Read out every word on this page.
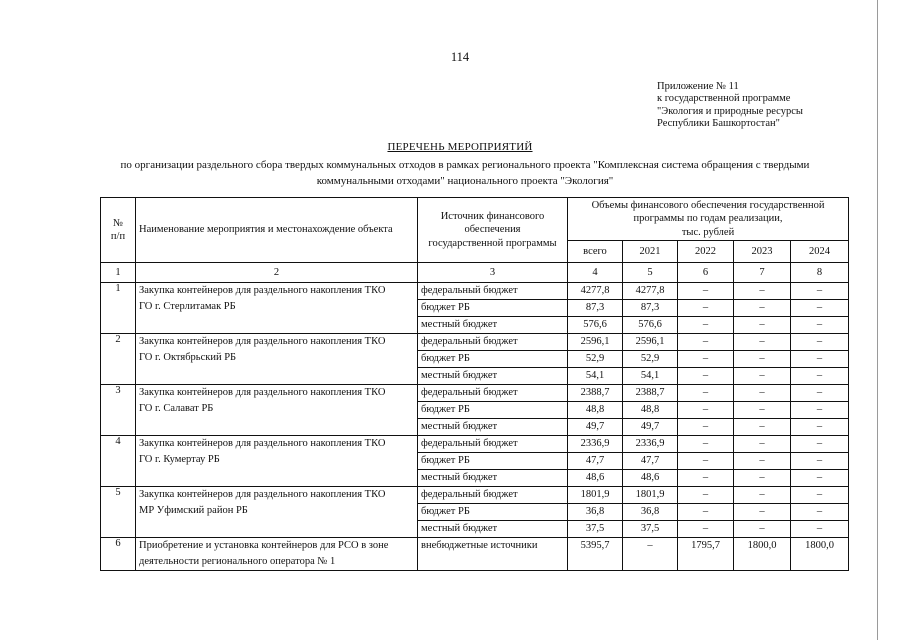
114
Приложение № 11
к государственной программе
"Экология и природные ресурсы
Республики Башкортостан"
ПЕРЕЧЕНЬ МЕРОПРИЯТИЙ
по организации раздельного сбора твердых коммунальных отходов в рамках регионального проекта "Комплексная система обращения с твердыми
коммунальными отходами" национального проекта "Экология"
№
п/п	Наименование мероприятия и местонахождение объекта	Источник финансового
обеспечения
государственной программы	Объемы финансового обеспечения государственной
программы по годам реализации,
тыс. рублей				
			всего	2021	2022	2023	2024
1	2	3	4	5	6	7	8
1	Закупка контейнеров для раздельного накопления ТКО
ГО г. Стерлитамак РБ	федеральный бюджет	4277,8	4277,8	–	–	–
		бюджет РБ	87,3	87,3	–	–	–
		местный бюджет	576,6	576,6	–	–	–
2	Закупка контейнеров для раздельного накопления ТКО
ГО г. Октябрьский РБ	федеральный бюджет	2596,1	2596,1	–	–	–
		бюджет РБ	52,9	52,9	–	–	–
		местный бюджет	54,1	54,1	–	–	–
3	Закупка контейнеров для раздельного накопления ТКО
ГО г. Салават РБ	федеральный бюджет	2388,7	2388,7	–	–	–
		бюджет РБ	48,8	48,8	–	–	–
		местный бюджет	49,7	49,7	–	–	–
4	Закупка контейнеров для раздельного накопления ТКО
ГО г. Кумертау РБ	федеральный бюджет	2336,9	2336,9	–	–	–
		бюджет РБ	47,7	47,7	–	–	–
		местный бюджет	48,6	48,6	–	–	–
5	Закупка контейнеров для раздельного накопления ТКО
МР Уфимский район РБ	федеральный бюджет	1801,9	1801,9	–	–	–
		бюджет РБ	36,8	36,8	–	–	–
		местный бюджет	37,5	37,5	–	–	–
6	Приобретение и установка контейнеров для РСО в зоне
деятельности регионального оператора № 1	внебюджетные источники	5395,7	–	1795,7	1800,0	1800,0
